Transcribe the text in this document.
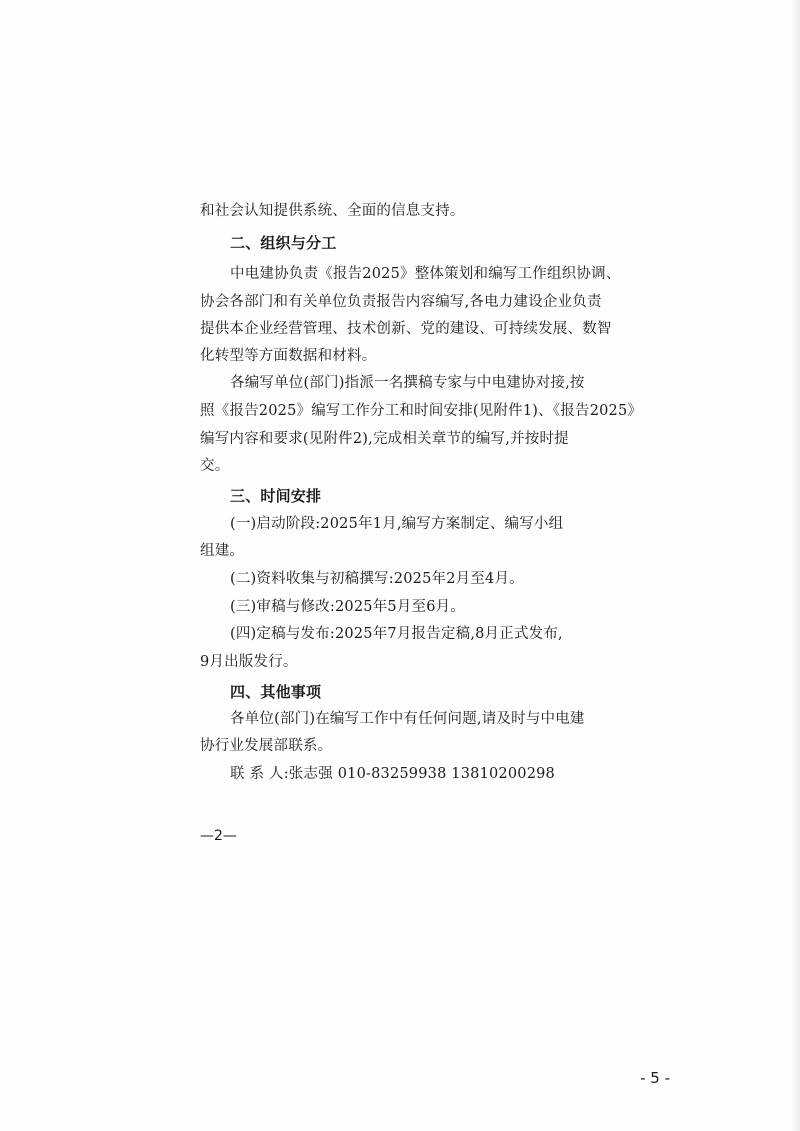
和社会认知提供系统、全面的信息支持。
二、组织与分工
中电建协负责《报告2025》整体策划和编写工作组织协调、
协会各部门和有关单位负责报告内容编写,各电力建设企业负责
提供本企业经营管理、技术创新、党的建设、可持续发展、数智
化转型等方面数据和材料。
各编写单位(部门)指派一名撰稿专家与中电建协对接,按
照《报告2025》编写工作分工和时间安排(见附件1)、《报告2025》
编写内容和要求(见附件2),完成相关章节的编写,并按时提
交。
三、时间安排
(一)启动阶段:2025年1月,编写方案制定、编写小组
组建。
(二)资料收集与初稿撰写:2025年2月至4月。
(三)审稿与修改:2025年5月至6月。
(四)定稿与发布:2025年7月报告定稿,8月正式发布,
9月出版发行。
四、其他事项
各单位(部门)在编写工作中有任何问题,请及时与中电建
协行业发展部联系。
联 系 人:张志强 010-83259938 13810200298
—2—
- 5 -
